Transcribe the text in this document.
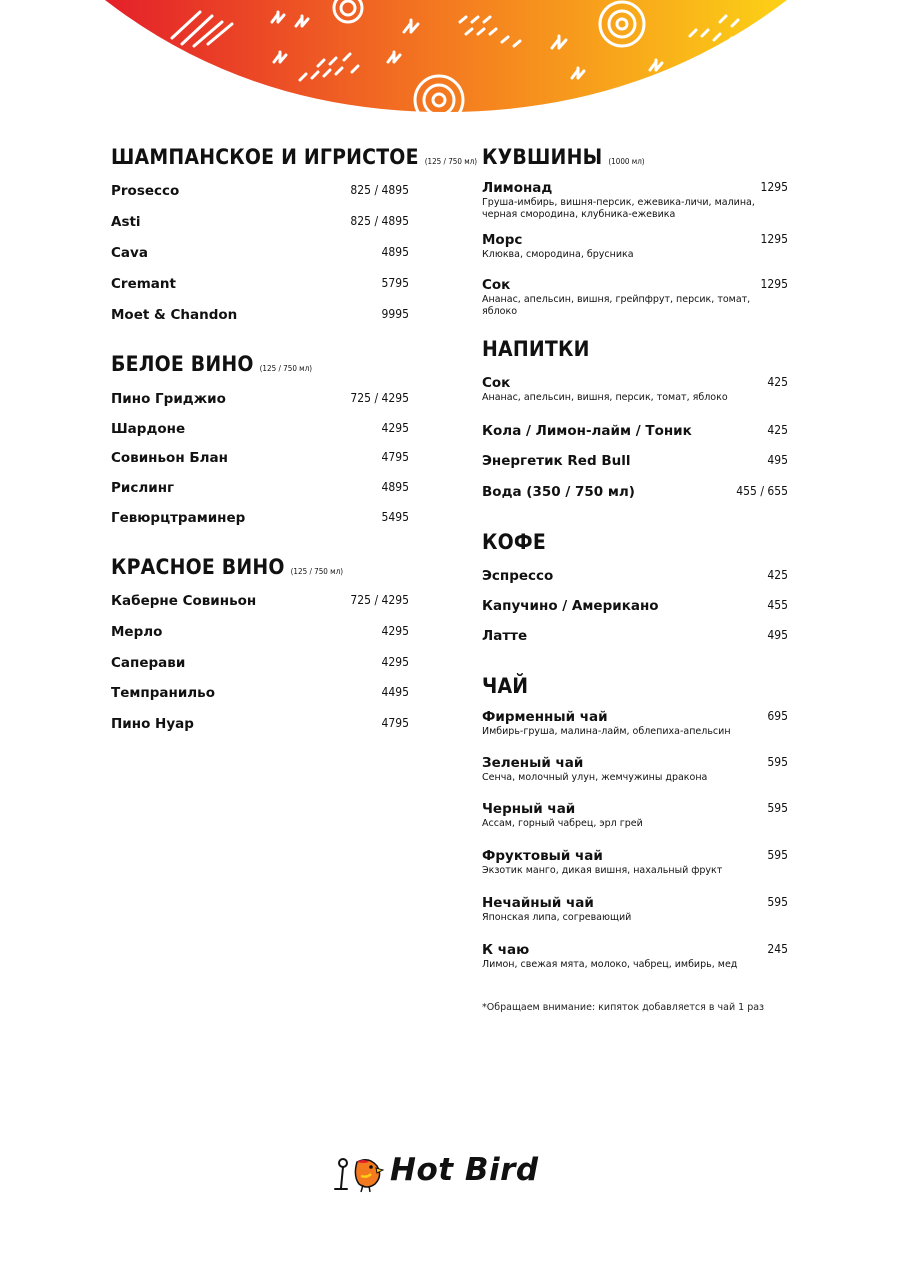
ШАМПАНСКОЕ И ИГРИСТОЕ (125 / 750 мл)
Prosecco	825 / 4895
Asti	825 / 4895
Cava	4895
Cremant	5795
Moet & Chandon	9995
БЕЛОЕ ВИНО (125 / 750 мл)
Пино Гриджио	725 / 4295
Шардоне	4295
Совиньон Блан	4795
Рислинг	4895
Гевюрцтраминер	5495
КРАСНОЕ ВИНО (125 / 750 мл)
Каберне Совиньон	725 / 4295
Мерло	4295
Саперави	4295
Темпранильо	4495
Пино Нуар	4795
КУВШИНЫ (1000 мл)
Лимонад	1295
Груша-имбирь, вишня-персик, ежевика-личи, малина, черная смородина, клубника-ежевика
Морс	1295
Клюква, смородина, брусника
Сок	1295
Ананас, апельсин, вишня, грейпфрут, персик, томат, яблоко
НАПИТКИ
Сок	425
Ананас, апельсин, вишня, персик, томат, яблоко
Кола / Лимон-лайм / Тоник	425
Энергетик Red Bull	495
Вода (350 / 750 мл)	455 / 655
КОФЕ
Эспрессо	425
Капучино / Американо	455
Латте	495
ЧАЙ
Фирменный чай	695
Имбирь-груша, малина-лайм, облепиха-апельсин
Зеленый чай	595
Сенча, молочный улун, жемчужины дракона
Черный чай	595
Ассам, горный чабрец, эрл грей
Фруктовый чай	595
Экзотик манго, дикая вишня, нахальный фрукт
Нечайный чай	595
Японская липа, согревающий
К чаю	245
Лимон, свежая мята, молоко, чабрец, имбирь, мед
*Обращаем внимание: кипяток добавляется в чай 1 раз
Hot Bird
